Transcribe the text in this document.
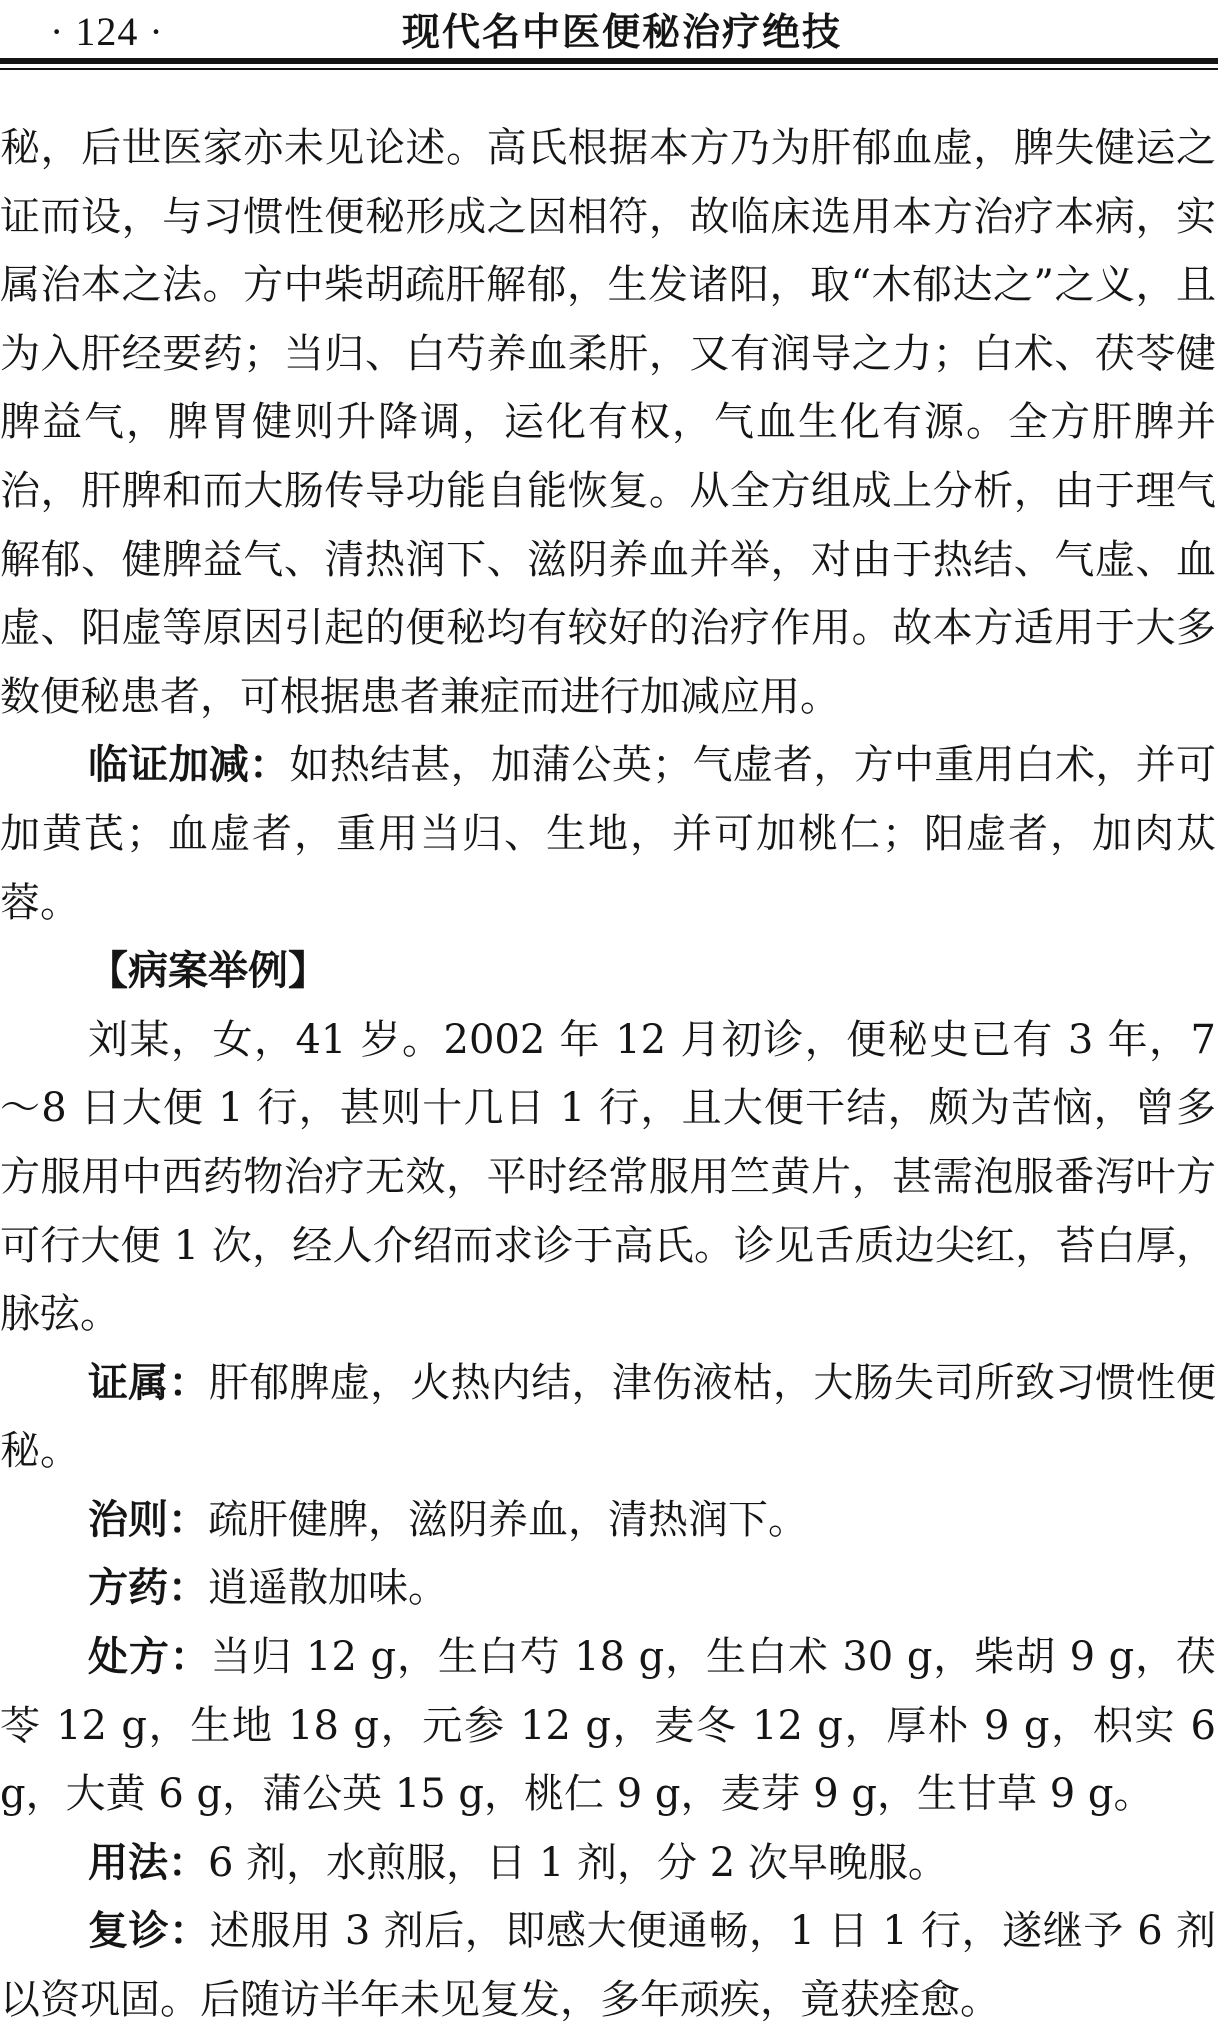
· 124 ·	现代名中医便秘治疗绝技

秘，后世医家亦未见论述。高氏根据本方乃为肝郁血虚，脾失健运之证而设，与习惯性便秘形成之因相符，故临床选用本方治疗本病，实属治本之法。方中柴胡疏肝解郁，生发诸阳，取“木郁达之”之义，且为入肝经要药；当归、白芍养血柔肝，又有润导之力；白术、茯苓健脾益气，脾胃健则升降调，运化有权，气血生化有源。全方肝脾并治，肝脾和而大肠传导功能自能恢复。从全方组成上分析，由于理气解郁、健脾益气、清热润下、滋阴养血并举，对由于热结、气虚、血虚、阳虚等原因引起的便秘均有较好的治疗作用。故本方适用于大多数便秘患者，可根据患者兼症而进行加减应用。

临证加减：如热结甚，加蒲公英；气虚者，方中重用白术，并可加黄芪；血虚者，重用当归、生地，并可加桃仁；阳虚者，加肉苁蓉。

【病案举例】

刘某，女，41 岁。2002 年 12 月初诊，便秘史已有 3 年，7～8 日大便 1 行，甚则十几日 1 行，且大便干结，颇为苦恼，曾多方服用中西药物治疗无效，平时经常服用竺黄片，甚需泡服番泻叶方可行大便 1 次，经人介绍而求诊于高氏。诊见舌质边尖红，苔白厚，脉弦。

证属：肝郁脾虚，火热内结，津伤液枯，大肠失司所致习惯性便秘。

治则：疏肝健脾，滋阴养血，清热润下。

方药：逍遥散加味。

处方：当归 12 g，生白芍 18 g，生白术 30 g，柴胡 9 g，茯苓 12 g，生地 18 g，元参 12 g，麦冬 12 g，厚朴 9 g，枳实 6 g，大黄 6 g，蒲公英 15 g，桃仁 9 g，麦芽 9 g，生甘草 9 g。

用法：6 剂，水煎服，日 1 剂，分 2 次早晚服。

复诊：述服用 3 剂后，即感大便通畅，1 日 1 行，遂继予 6 剂以资巩固。后随访半年未见复发，多年顽疾，竟获痊愈。
